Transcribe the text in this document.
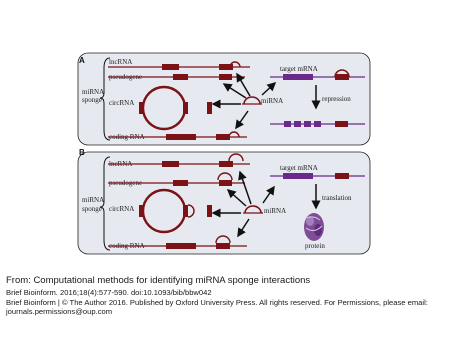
A
miRNA
sponge
lncRNA
pseudogene
circRNA
coding RNA
miRNA
target mRNA
repression
B
miRNA
sponge
lncRNA
pseudogene
circRNA
coding RNA
miRNA
target mRNA
translation
protein

From: Computational methods for identifying miRNA sponge interactions

Brief Bioinform. 2016;18(4):577-590. doi:10.1093/bib/bbw042

Brief Bioinform | © The Author 2016. Published by Oxford University Press. All rights reserved. For Permissions, please email:

journals.permissions@oup.com
